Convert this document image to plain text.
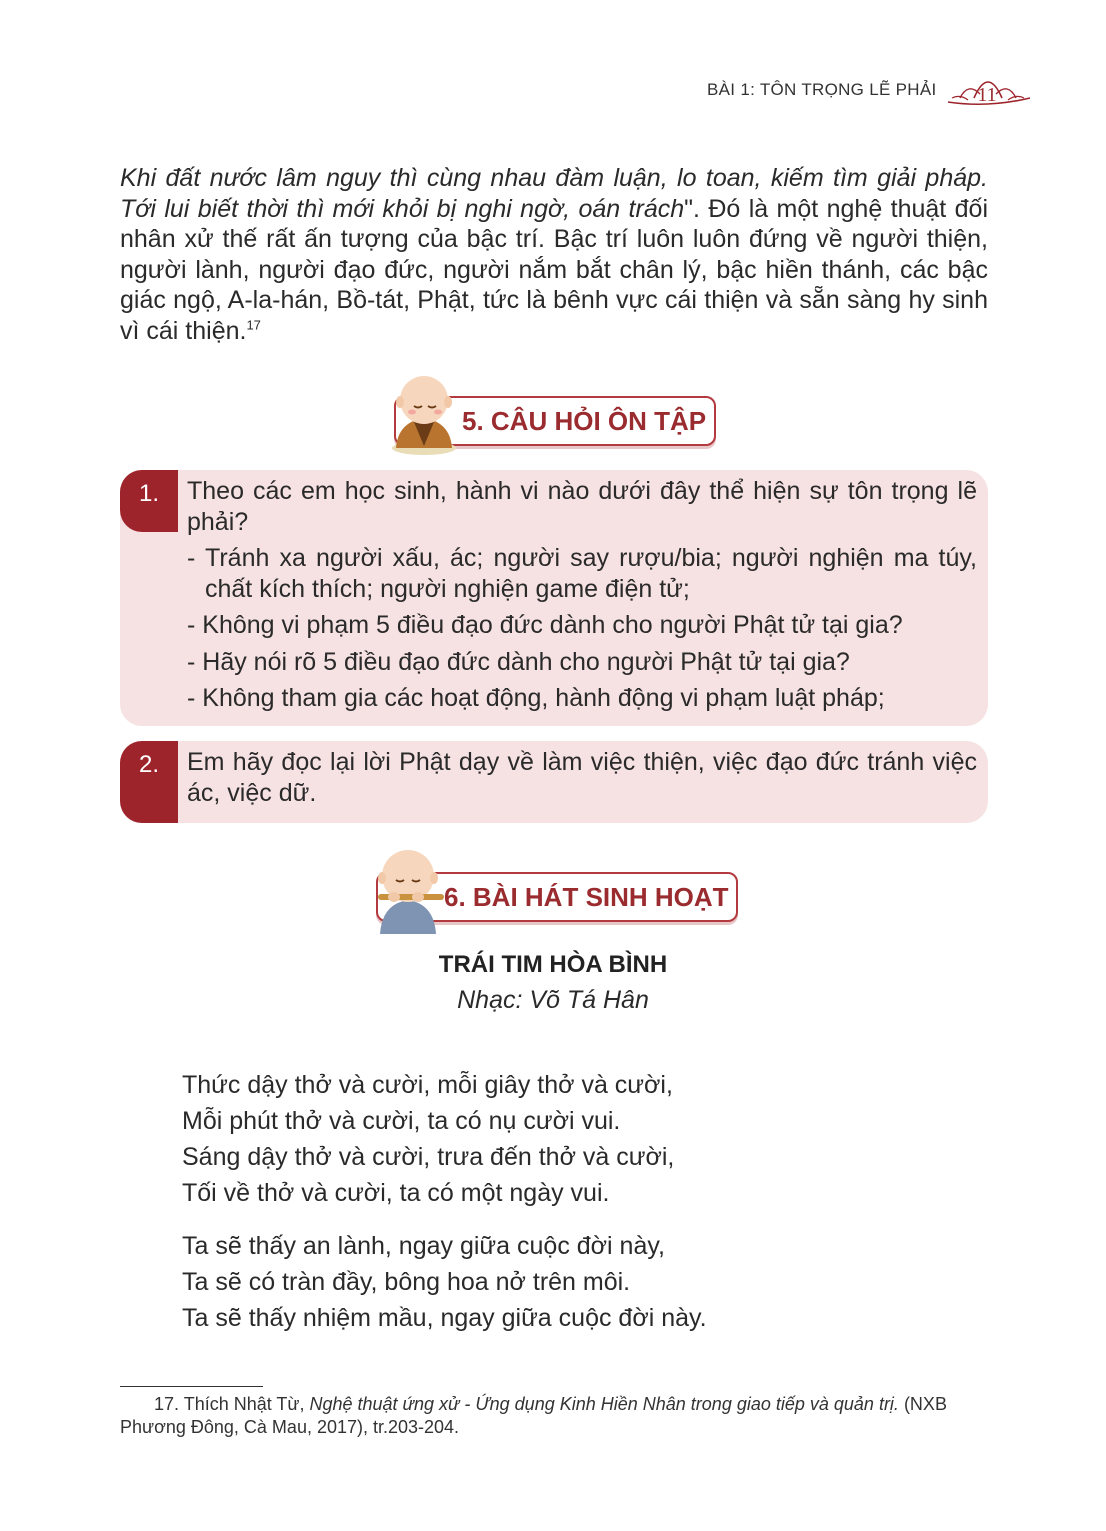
BÀI 1: TÔN TRỌNG LẼ PHẢI 11
Khi đất nước lâm nguy thì cùng nhau đàm luận, lo toan, kiếm tìm giải pháp. Tới lui biết thời thì mới khỏi bị nghi ngờ, oán trách". Đó là một nghệ thuật đối nhân xử thế rất ấn tượng của bậc trí. Bậc trí luôn luôn đứng về người thiện, người lành, người đạo đức, người nắm bắt chân lý, bậc hiền thánh, các bậc giác ngộ, A-la-hán, Bồ-tát, Phật, tức là bênh vực cái thiện và sẵn sàng hy sinh vì cái thiện.$^{17}$
5. CÂU HỎI ÔN TẬP
1.	Theo các em học sinh, hành vi nào dưới đây thể hiện sự tôn trọng lẽ phải?
- Tránh xa người xấu, ác; người say rượu/bia; người nghiện ma túy, chất kích thích; người nghiện game điện tử;
- Không vi phạm 5 điều đạo đức dành cho người Phật tử tại gia?
- Hãy nói rõ 5 điều đạo đức dành cho người Phật tử tại gia?
- Không tham gia các hoạt động, hành động vi phạm luật pháp;
2.	Em hãy đọc lại lời Phật dạy về làm việc thiện, việc đạo đức tránh việc ác, việc dữ.
6. BÀI HÁT SINH HOẠT
TRÁI TIM HÒA BÌNH
Nhạc: Võ Tá Hân
Thức dậy thở và cười, mỗi giây thở và cười,
Mỗi phút thở và cười, ta có nụ cười vui.
Sáng dậy thở và cười, trưa đến thở và cười,
Tối về thở và cười, ta có một ngày vui.
Ta sẽ thấy an lành, ngay giữa cuộc đời này,
Ta sẽ có tràn đầy, bông hoa nở trên môi.
Ta sẽ thấy nhiệm mầu, ngay giữa cuộc đời này.
17. Thích Nhật Từ, Nghệ thuật ứng xử - Ứng dụng Kinh Hiền Nhân trong giao tiếp và quản trị. (NXB Phương Đông, Cà Mau, 2017), tr.203-204.
